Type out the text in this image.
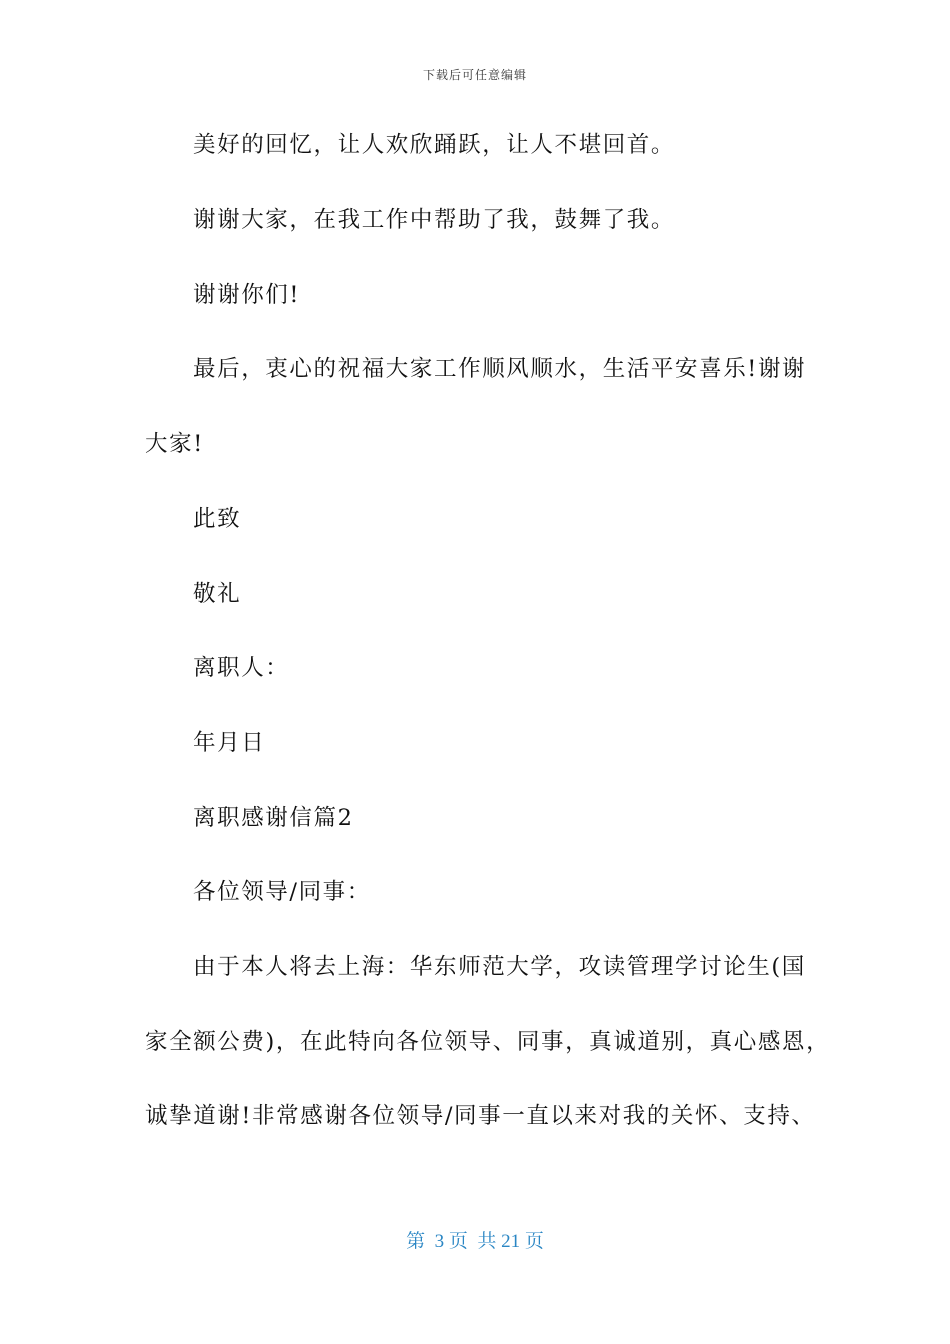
下载后可任意编辑
美好的回忆，让人欢欣踊跃，让人不堪回首。
谢谢大家，在我工作中帮助了我，鼓舞了我。
谢谢你们!
最后，衷心的祝福大家工作顺风顺水，生活平安喜乐!谢谢
大家!
此致
敬礼
离职人：
年月日
离职感谢信篇2
各位领导/同事：
由于本人将去上海：华东师范大学，攻读管理学讨论生(国
家全额公费)，在此特向各位领导、同事，真诚道别，真心感恩，
诚挚道谢!非常感谢各位领导/同事一直以来对我的关怀、支持、
第  3 页  共 21 页
